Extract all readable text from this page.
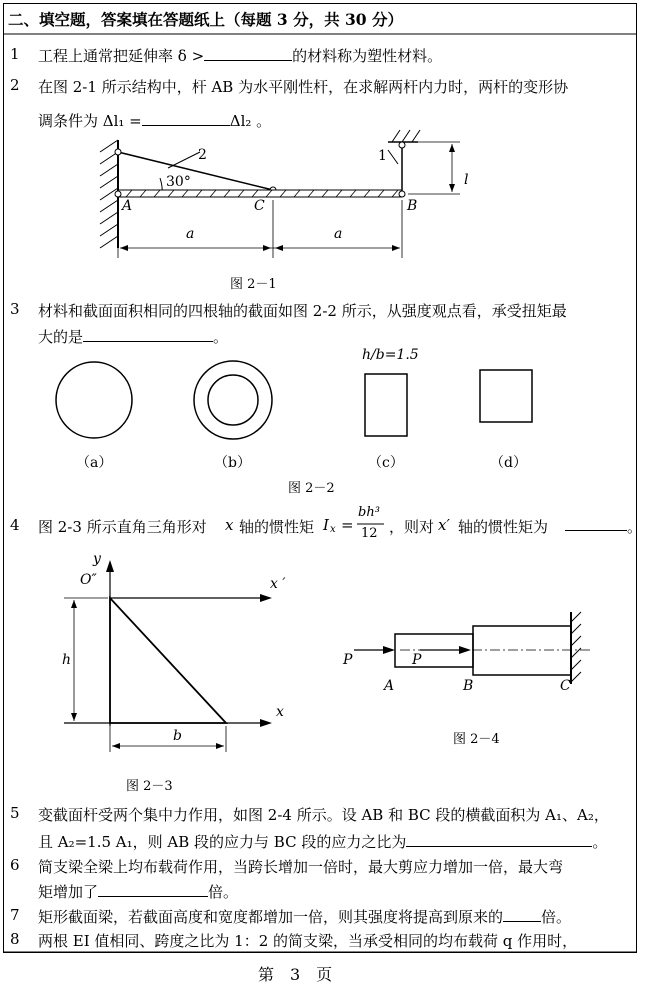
二、填空题，答案填在答题纸上（每题 3 分，共 30 分）
1 工程上通常把延伸率 δ >	的材料称为塑性材料。
2 在图 2-1 所示结构中，杆 AB 为水平刚性杆，在求解两杆内力时，两杆的变形协
调条件为 Δl₁ =	Δl₂ 。
2
30°
A	C	B
1
l
a	a
图 2－1
3 材料和截面面积相同的四根轴的截面如图 2-2 所示，从强度观点看，承受扭矩最
大的是	。
h/b=1.5
（a）	（b）	（c）	（d）
图 2－2
4 图 2-3 所示直角三角形对 x 轴的惯性矩 I x =
bh³
12 ，则对 x′ 轴的惯性矩为	。
y
O″	x ′
x
h
b
图 2－3
P	P
A	B	C
图 2－4
5 变截面杆受两个集中力作用，如图 2-4 所示。设 AB 和 BC 段的横截面积为 A₁、A₂，
且 A₂=1.5 A₁，则 AB 段的应力与 BC 段的应力之比为	。
6 简支梁全梁上均布载荷作用，当跨长增加一倍时，最大剪应力增加一倍，最大弯
矩增加了	倍。
7 矩形截面梁，若截面高度和宽度都增加一倍，则其强度将提高到原来的	倍。
8 两根 EI 值相同、跨度之比为 1：2 的简支梁，当承受相同的均布载荷 q 作用时，
第　3　页
